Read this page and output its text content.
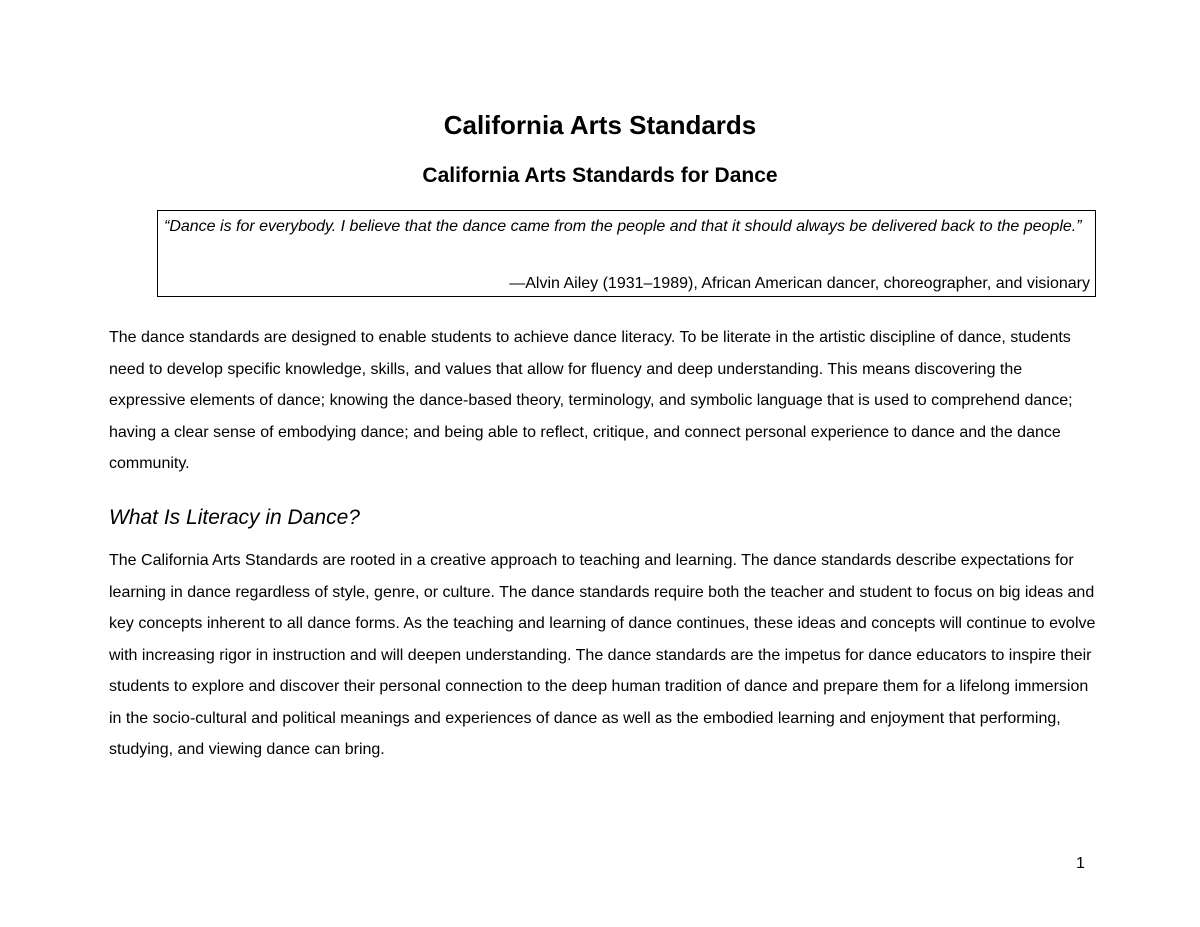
California Arts Standards
California Arts Standards for Dance

“Dance is for everybody. I believe that the dance came from the people and that it should always be delivered back to the people.”

—Alvin Ailey (1931–1989), African American dancer, choreographer, and visionary

The dance standards are designed to enable students to achieve dance literacy. To be literate in the artistic discipline of dance, students need to develop specific knowledge, skills, and values that allow for fluency and deep understanding. This means discovering the expressive elements of dance; knowing the dance-based theory, terminology, and symbolic language that is used to comprehend dance; having a clear sense of embodying dance; and being able to reflect, critique, and connect personal experience to dance and the dance community.

What Is Literacy in Dance?

The California Arts Standards are rooted in a creative approach to teaching and learning. The dance standards describe expectations for learning in dance regardless of style, genre, or culture. The dance standards require both the teacher and student to focus on big ideas and key concepts inherent to all dance forms. As the teaching and learning of dance continues, these ideas and concepts will continue to evolve with increasing rigor in instruction and will deepen understanding. The dance standards are the impetus for dance educators to inspire their students to explore and discover their personal connection to the deep human tradition of dance and prepare them for a lifelong immersion in the socio-cultural and political meanings and experiences of dance as well as the embodied learning and enjoyment that performing, studying, and viewing dance can bring.

1
